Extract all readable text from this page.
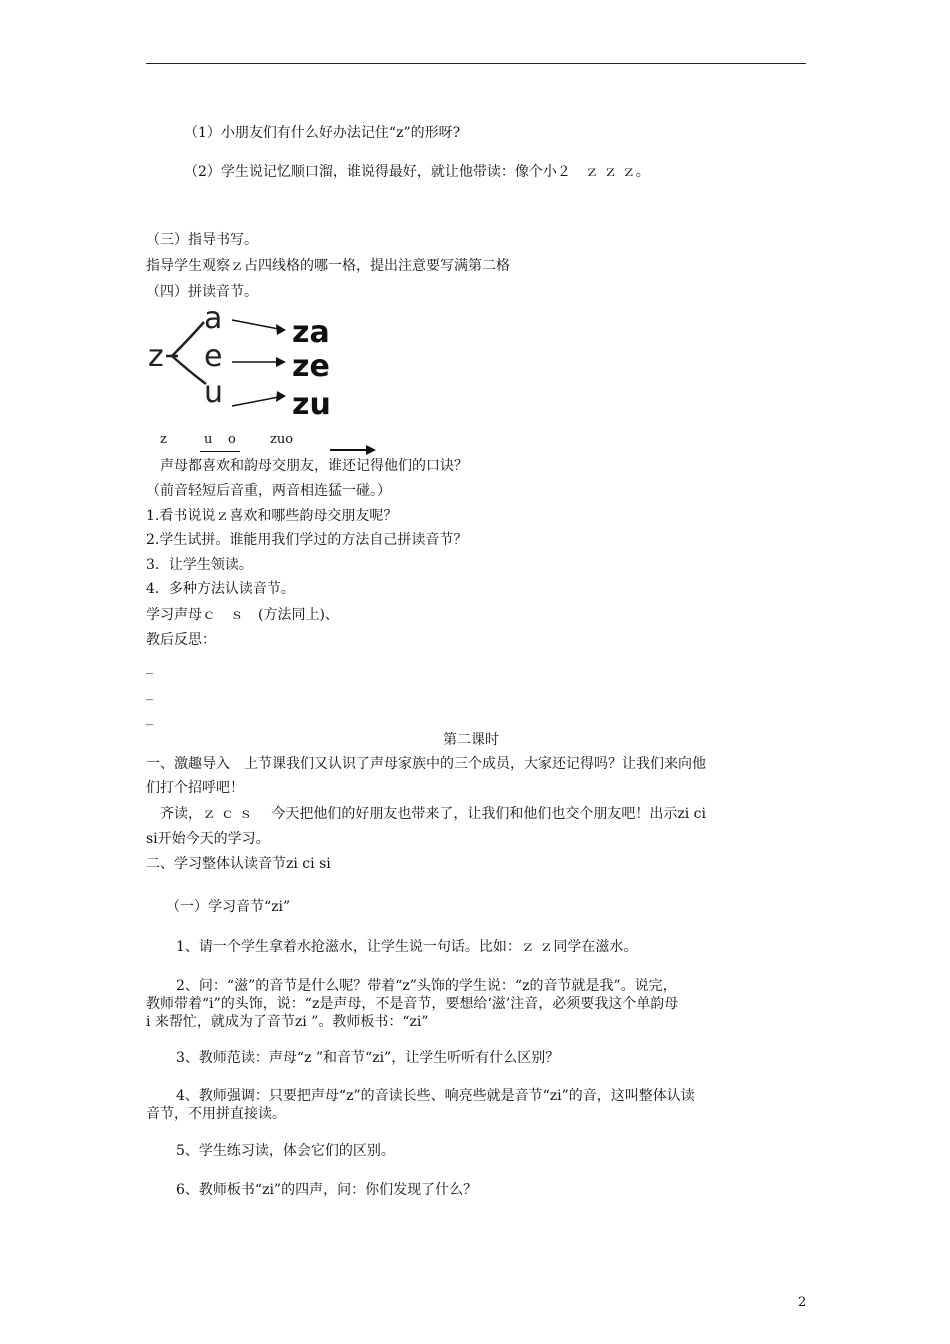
（1）小朋友们有什么好办法记住“z”的形呀?
（2）学生说记忆顺口溜，谁说得最好，就让他带读：像个小２　ｚ ｚ ｚ。
（三）指导书写。
指导学生观察ｚ占四线格的哪一格，提出注意要写满第二格
（四）拼读音节。
z
a
e
u
za
ze
zu
z	u o	zuo
声母都喜欢和韵母交朋友，谁还记得他们的口诀？
（前音轻短后音重，两音相连猛一碰。）
1.看书说说ｚ喜欢和哪些韵母交朋友呢？
2.学生试拼。谁能用我们学过的方法自己拼读音节？
3．让学生领读。
4．多种方法认读音节。
学习声母ｃ　ｓ　(方法同上)、
教后反思：
_
_
_
第二课时
一、激趣导入　上节课我们又认识了声母家族中的三个成员，大家还记得吗？让我们来向他
们打个招呼吧！
齐读，ｚ ｃ ｓ　 今天把他们的好朋友也带来了，让我们和他们也交个朋友吧！出示zi ci
si开始今天的学习。
二、学习整体认读音节zi ci si
（一）学习音节“zi”
1、请一个学生拿着水抢滋水，让学生说一句话。比如：ｚ ｚ同学在滋水。
2、问：“滋”的音节是什么呢？带着“z”头饰的学生说：“z的音节就是我”。说完，
教师带着“i”的头饰，说：“z是声母，不是音节，要想给‘滋’注音，必须要我这个单韵母
i 来帮忙，就成为了音节zi ”。教师板书：“zi”
3、教师范读：声母“z ”和音节“zi”，让学生听听有什么区别？
4、教师强调：只要把声母“z”的音读长些、响亮些就是音节“zi”的音，这叫整体认读
音节，不用拼直接读。
5、学生练习读，体会它们的区别。
6、教师板书“zi”的四声，问：你们发现了什么？
2
